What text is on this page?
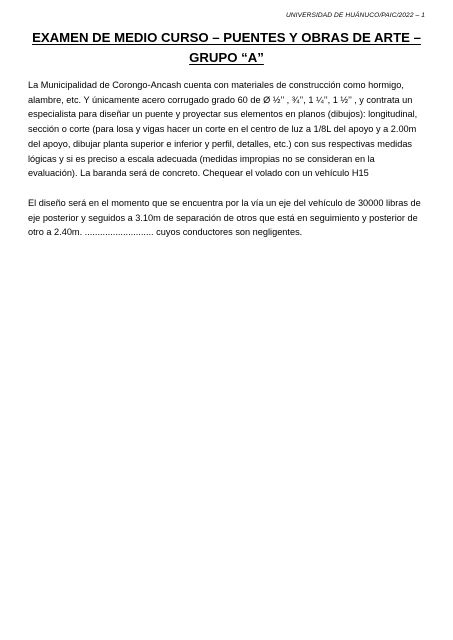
UNIVERSIDAD DE HUÁNUCO/PAIC/2022 – 1
EXAMEN DE MEDIO CURSO – PUENTES Y OBRAS DE ARTE –
GRUPO “A”

La Municipalidad de Corongo-Ancash cuenta con materiales de construcción como hormigo, alambre, etc. Y únicamente acero corrugado grado 60 de Ø ½’’ , ¾’’, 1 ¼’’, 1 ½’’ , y contrata un especialista para diseñar un puente y proyectar sus elementos en planos (dibujos): longitudinal, sección o corte (para losa y vigas hacer un corte en el centro de luz a 1/8L del apoyo y a 2.00m del apoyo, dibujar planta superior e inferior y perfil, detalles, etc.) con sus respectivas medidas lógicas y si es preciso a escala adecuada (medidas impropias no se consideran en la evaluación). La baranda será de concreto. Chequear el volado con un vehículo H15

El diseño será en el momento que se encuentra por la vía un eje del vehículo de 30000 libras de eje posterior y seguidos a 3.10m de separación de otros que está en seguimiento y posterior de otro a 2.40m. ........................... cuyos conductores son negligentes.
